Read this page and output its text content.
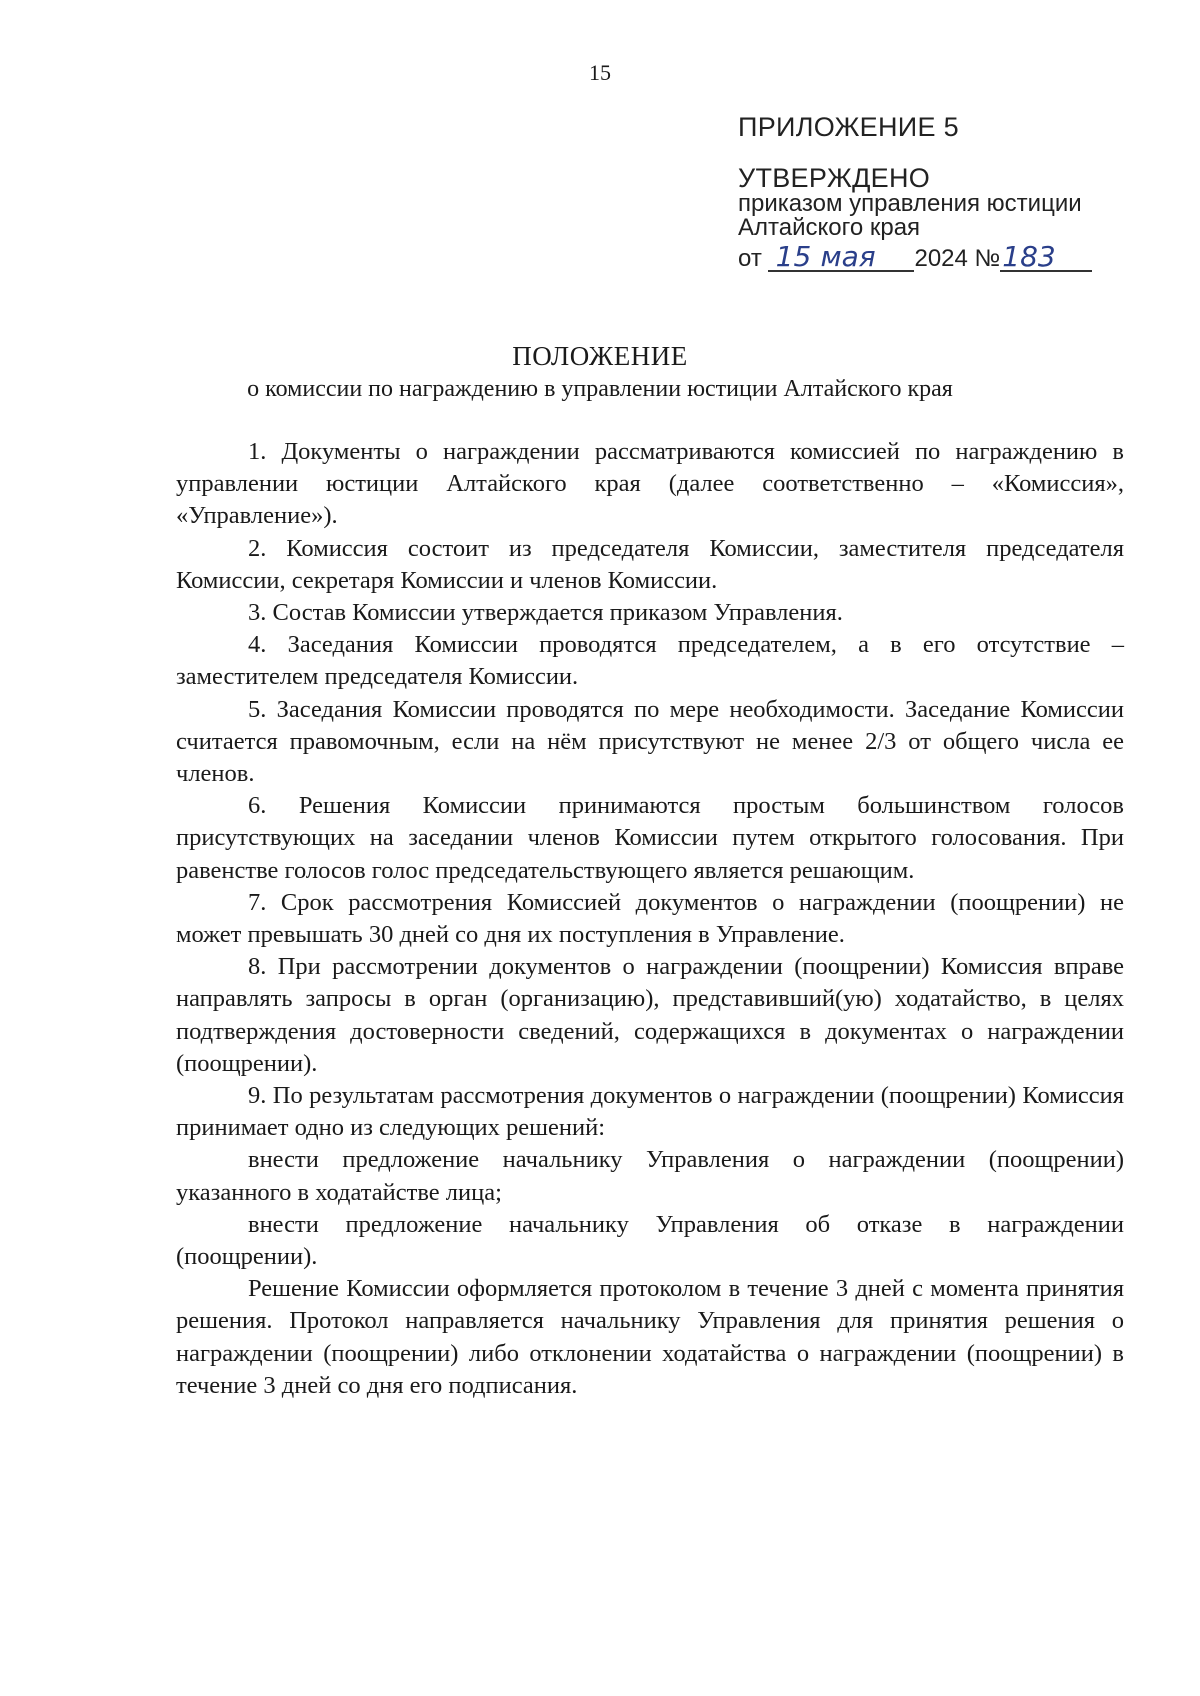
15
ПРИЛОЖЕНИЕ 5
УТВЕРЖДЕНО
приказом управления юстиции
Алтайского края
от 15 мая 2024 №183
ПОЛОЖЕНИЕ
о комиссии по награждению в управлении юстиции Алтайского края

1. Документы о награждении рассматриваются комиссией по награждению в управлении юстиции Алтайского края (далее соответственно – «Комиссия», «Управление»).

2. Комиссия состоит из председателя Комиссии, заместителя председателя Комиссии, секретаря Комиссии и членов Комиссии.

3. Состав Комиссии утверждается приказом Управления.

4. Заседания Комиссии проводятся председателем, а в его отсутствие – заместителем председателя Комиссии.

5. Заседания Комиссии проводятся по мере необходимости. Заседание Комиссии считается правомочным, если на нём присутствуют не менее 2/3 от общего числа ее членов.

6. Решения Комиссии принимаются простым большинством голосов присутствующих на заседании членов Комиссии путем открытого голосования. При равенстве голосов голос председательствующего является решающим.

7. Срок рассмотрения Комиссией документов о награждении (поощрении) не может превышать 30 дней со дня их поступления в Управление.

8. При рассмотрении документов о награждении (поощрении) Комиссия вправе направлять запросы в орган (организацию), представивший(ую) ходатайство, в целях подтверждения достоверности сведений, содержащихся в документах о награждении (поощрении).

9. По результатам рассмотрения документов о награждении (поощрении) Комиссия принимает одно из следующих решений:

внести предложение начальнику Управления о награждении (поощрении) указанного в ходатайстве лица;

внести предложение начальнику Управления об отказе в награждении (поощрении).

Решение Комиссии оформляется протоколом в течение 3 дней с момента принятия решения. Протокол направляется начальнику Управления для принятия решения о награждении (поощрении) либо отклонении ходатайства о награждении (поощрении) в течение 3 дней со дня его подписания.
